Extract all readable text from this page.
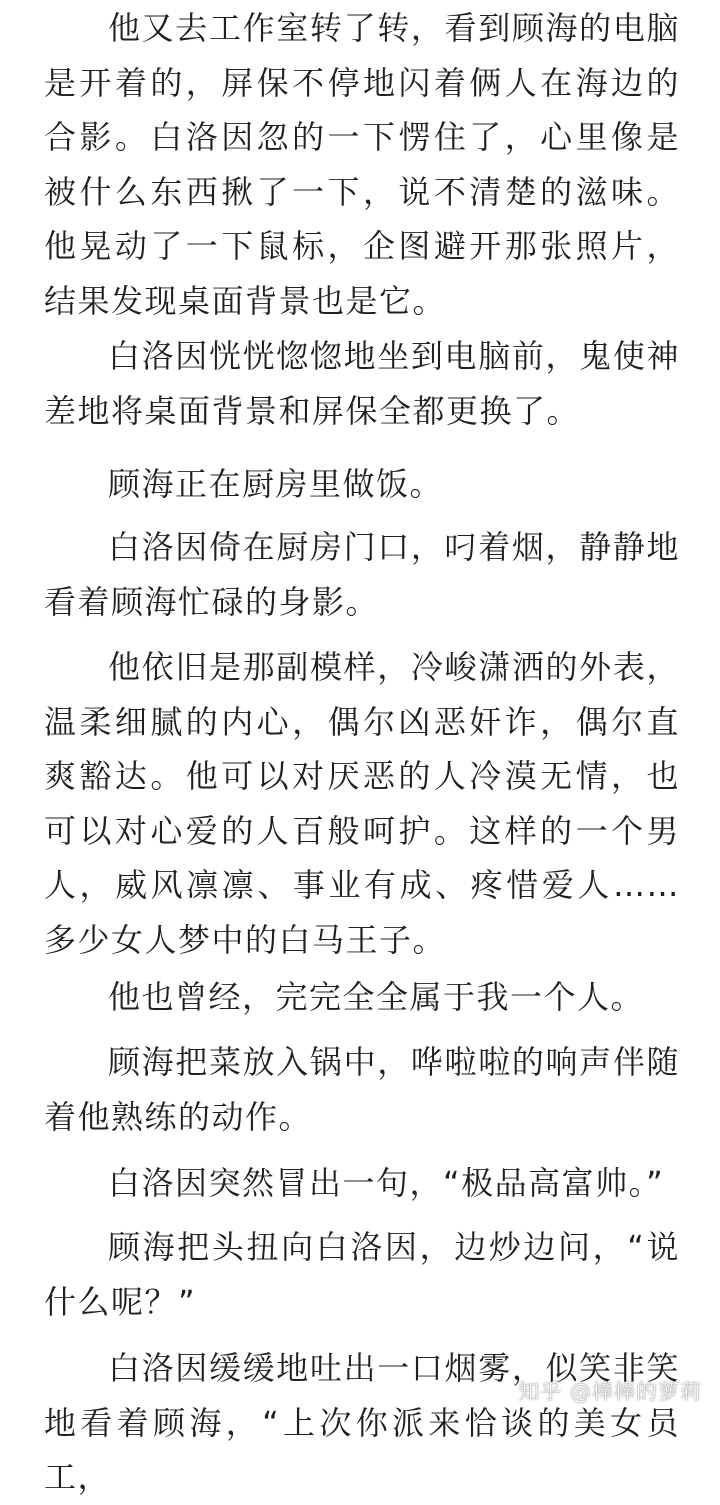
他又去工作室转了转，看到顾海的电脑是开着的，屏保不停地闪着俩人在海边的合影。白洛因忽的一下愣住了，心里像是被什么东西揪了一下，说不清楚的滋味。他晃动了一下鼠标，企图避开那张照片，结果发现桌面背景也是它。

白洛因恍恍惚惚地坐到电脑前，鬼使神差地将桌面背景和屏保全都更换了。

顾海正在厨房里做饭。

白洛因倚在厨房门口，叼着烟，静静地看着顾海忙碌的身影。

他依旧是那副模样，冷峻潇洒的外表，温柔细腻的内心，偶尔凶恶奸诈，偶尔直爽豁达。他可以对厌恶的人冷漠无情，也可以对心爱的人百般呵护。这样的一个男人，威风凛凛、事业有成、疼惜爱人……多少女人梦中的白马王子。

他也曾经，完完全全属于我一个人。

顾海把菜放入锅中，哗啦啦的响声伴随着他熟练的动作。

白洛因突然冒出一句，“极品高富帅。”

顾海把头扭向白洛因，边炒边问，“说什么呢？”

白洛因缓缓地吐出一口烟雾，似笑非笑地看着顾海，“上次你派来恰谈的美女员工，

知乎 @棒棒的萝莉
